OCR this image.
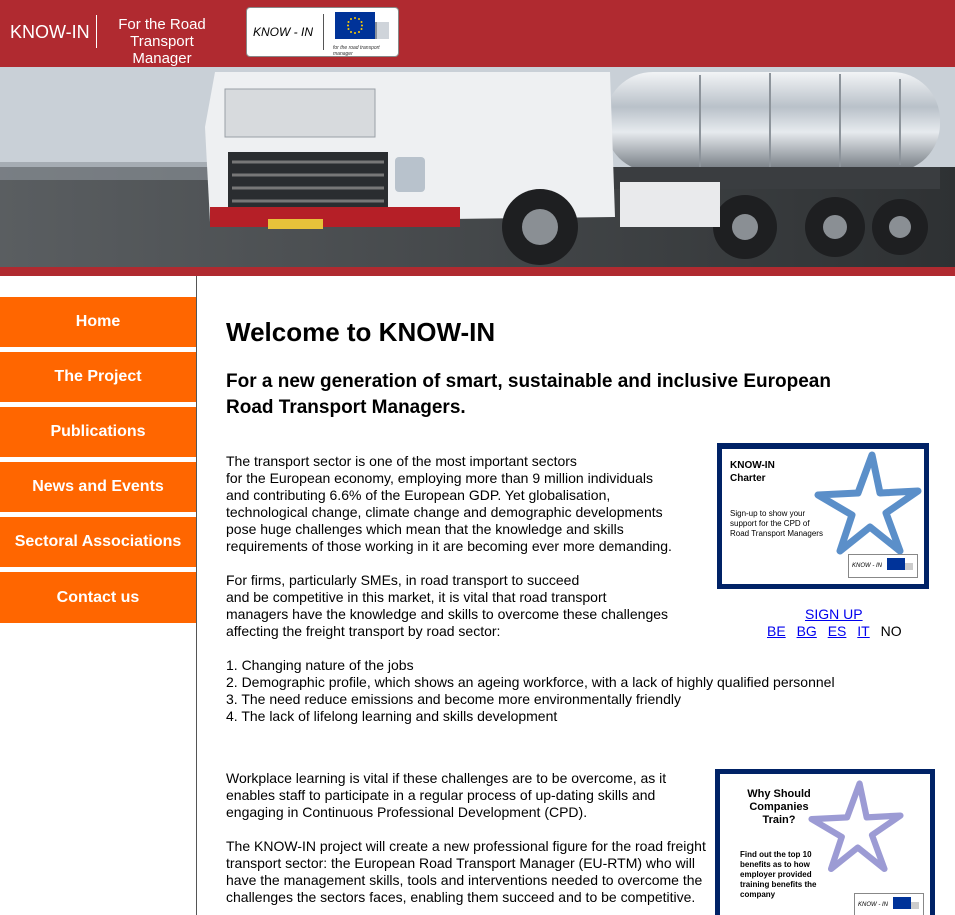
KNOW-IN	For the Road Transport Manager
KNOW - IN
for the road transport manager
Home
The Project
Publications
News and Events
Sectoral Associations
Contact us
Welcome to KNOW-IN
For a new generation of smart, sustainable and inclusive European Road Transport Managers.

The transport sector is one of the most important sectors
for the European economy, employing more than 9 million individuals
and contributing 6.6% of the European GDP. Yet globalisation,
technological change, climate change and demographic developments
pose huge challenges which mean that the knowledge and skills
requirements of those working in it are becoming ever more demanding.

For firms, particularly SMEs, in road transport to succeed
and be competitive in this market, it is vital that road transport
managers have the knowledge and skills to overcome these challenges
affecting the freight transport by road sector:

1. Changing nature of the jobs
2. Demographic profile, which shows an ageing workforce, with a lack of highly qualified personnel
3. The need reduce emissions and become more environmentally friendly
4. The lack of lifelong learning and skills development

Workplace learning is vital if these challenges are to be overcome, as it
enables staff to participate in a regular process of up-dating skills and
engaging in Continuous Professional Development (CPD).

The KNOW-IN project will create a new professional figure for the road freight
transport sector: the European Road Transport Manager (EU-RTM) who will
have the management skills, tools and interventions needed to overcome the
challenges the sectors faces, enabling them succeed and to be competitive.

KNOW-IN Charter
Sign-up to show your support for the CPD of Road Transport Managers
KNOW - IN
SIGN UP
BE BG ES IT NO
Why Should Companies Train?
Find out the top 10 benefits as to how employer provided training benefits the company
KNOW - IN
